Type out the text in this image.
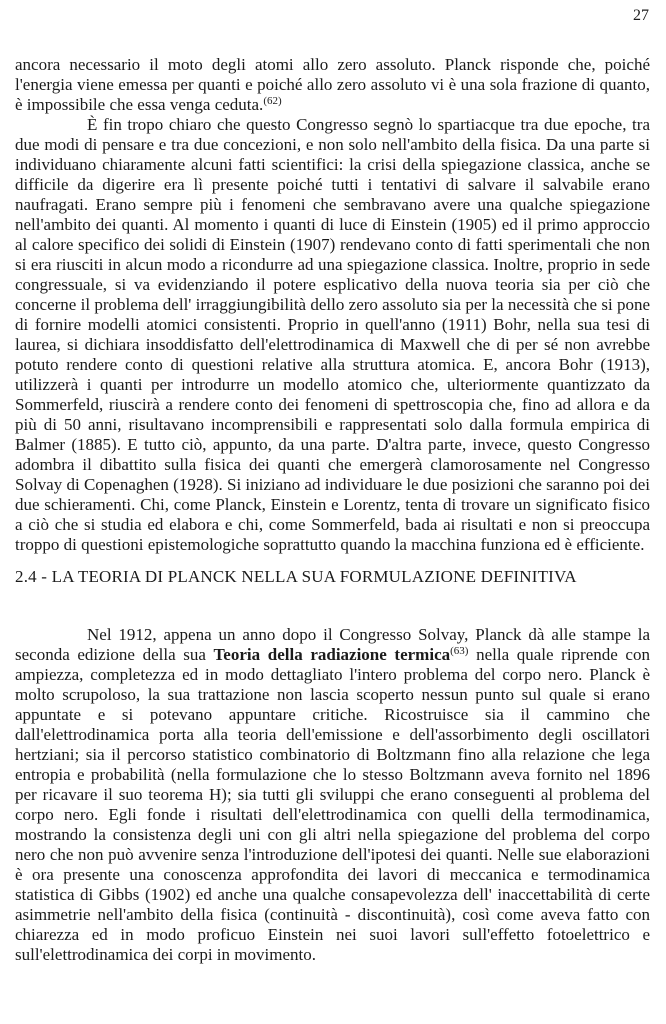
27

ancora necessario il moto degli atomi allo zero assoluto. Planck risponde che, poiché l'energia viene emessa per quanti e poiché allo zero assoluto vi è una sola frazione di quanto, è impossibile che essa venga ceduta.$^{(62)}$

È fin tropo chiaro che questo Congresso segnò lo spartiacque tra due epoche, tra due modi di pensare e tra due concezioni, e non solo nell'ambito della fisica. Da una parte si individuano chiaramente alcuni fatti scientifici: la crisi della spiegazione classica, anche se difficile da digerire era lì presente poiché tutti i tentativi di salvare il salvabile erano naufragati. Erano sempre più i fenomeni che sembravano avere una qualche spiegazione nell'ambito dei quanti. Al momento i quanti di luce di Einstein (1905) ed il primo approccio al calore specifico dei solidi di Einstein (1907) rendevano conto di fatti sperimentali che non si era riusciti in alcun modo a ricondurre ad una spiegazione classica. Inoltre, proprio in sede congressuale, si va evidenziando il potere esplicativo della nuova teoria sia per ciò che concerne il problema dell' irraggiungibilità dello zero assoluto sia per la necessità che si pone di fornire modelli atomici consistenti. Proprio in quell'anno (1911) Bohr, nella sua tesi di laurea, si dichiara insoddisfatto dell'elettrodinamica di Maxwell che di per sé non avrebbe potuto rendere conto di questioni relative alla struttura atomica. E, ancora Bohr (1913), utilizzerà i quanti per introdurre un modello atomico che, ulteriormente quantizzato da Sommerfeld, riuscirà a rendere conto dei fenomeni di spettroscopia che, fino ad allora e da più di 50 anni, risultavano incomprensibili e rappresentati solo dalla formula empirica di Balmer (1885). E tutto ciò, appunto, da una parte. D'altra parte, invece, questo Congresso adombra il dibattito sulla fisica dei quanti che emergerà clamorosamente nel Congresso Solvay di Copenaghen (1928). Si iniziano ad individuare le due posizioni che saranno poi dei due schieramenti. Chi, come Planck, Einstein e Lorentz, tenta di trovare un significato fisico a ciò che si studia ed elabora e chi, come Sommerfeld, bada ai risultati e non si preoccupa troppo di questioni epistemologiche soprattutto quando la macchina funziona ed è efficiente.

2.4 - LA TEORIA DI PLANCK NELLA SUA FORMULAZIONE DEFINITIVA

Nel 1912, appena un anno dopo il Congresso Solvay, Planck dà alle stampe la seconda edizione della sua Teoria della radiazione termica$^{(63)}$ nella quale riprende con ampiezza, completezza ed in modo dettagliato l'intero problema del corpo nero. Planck è molto scrupoloso, la sua trattazione non lascia scoperto nessun punto sul quale si erano appuntate e si potevano appuntare critiche. Ricostruisce sia il cammino che dall'elettrodinamica porta alla teoria dell'emissione e dell'assorbimento degli oscillatori hertziani; sia il percorso statistico combinatorio di Boltzmann fino alla relazione che lega entropia e probabilità (nella formulazione che lo stesso Boltzmann aveva fornito nel 1896 per ricavare il suo teorema H); sia tutti gli sviluppi che erano conseguenti al problema del corpo nero. Egli fonde i risultati dell'elettrodinamica con quelli della termodinamica, mostrando la consistenza degli uni con gli altri nella spiegazione del problema del corpo nero che non può avvenire senza l'introduzione dell'ipotesi dei quanti. Nelle sue elaborazioni è ora presente una conoscenza approfondita dei lavori di meccanica e termodinamica statistica di Gibbs (1902) ed anche una qualche consapevolezza dell' inaccettabilità di certe asimmetrie nell'ambito della fisica (continuità - discontinuità), così come aveva fatto con chiarezza ed in modo proficuo Einstein nei suoi lavori sull'effetto fotoelettrico e sull'elettrodinamica dei corpi in movimento.
